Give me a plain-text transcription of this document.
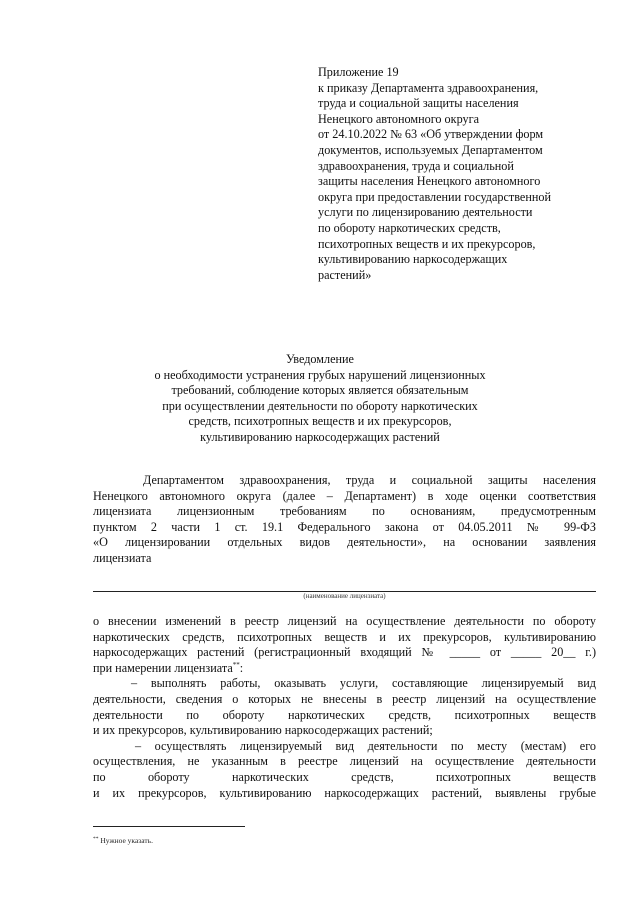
Приложение 19
к приказу Департамента здравоохранения,
труда и социальной защиты населения
Ненецкого автономного округа
от 24.10.2022 № 63 «Об утверждении форм
документов, используемых Департаментом
здравоохранения, труда и социальной
защиты населения Ненецкого автономного
округа при предоставлении государственной
услуги по лицензированию деятельности
по обороту наркотических средств,
психотропных веществ и их прекурсоров,
культивированию наркосодержащих
растений»
Уведомление
о необходимости устранения грубых нарушений лицензионных
требований, соблюдение которых является обязательным
при осуществлении деятельности по обороту наркотических
средств, психотропных веществ и их прекурсоров,
культивированию наркосодержащих растений
Департаментом здравоохранения, труда и социальной защиты населения
Ненецкого автономного округа (далее – Департамент) в ходе оценки соответствия
лицензиата лицензионным требованиям по основаниям, предусмотренным
пунктом 2 части 1 ст. 19.1 Федерального закона от 04.05.2011 № 99-ФЗ
«О лицензировании отдельных видов деятельности», на основании заявления
лицензиата
(наименование лицензиата)
о внесении изменений в реестр лицензий на осуществление деятельности по обороту
наркотических средств, психотропных веществ и их прекурсоров, культивированию
наркосодержащих растений (регистрационный входящий № _____ от _____ 20__ г.)
при намерении лицензиата**:
– выполнять работы, оказывать услуги, составляющие лицензируемый вид
деятельности, сведения о которых не внесены в реестр лицензий на осуществление
деятельности по обороту наркотических средств, психотропных веществ
и их прекурсоров, культивированию наркосодержащих растений;
– осуществлять лицензируемый вид деятельности по месту (местам) его
осуществления, не указанным в реестре лицензий на осуществление деятельности
по обороту наркотических средств, психотропных веществ
и их прекурсоров, культивированию наркосодержащих растений, выявлены грубые
** Нужное указать.
